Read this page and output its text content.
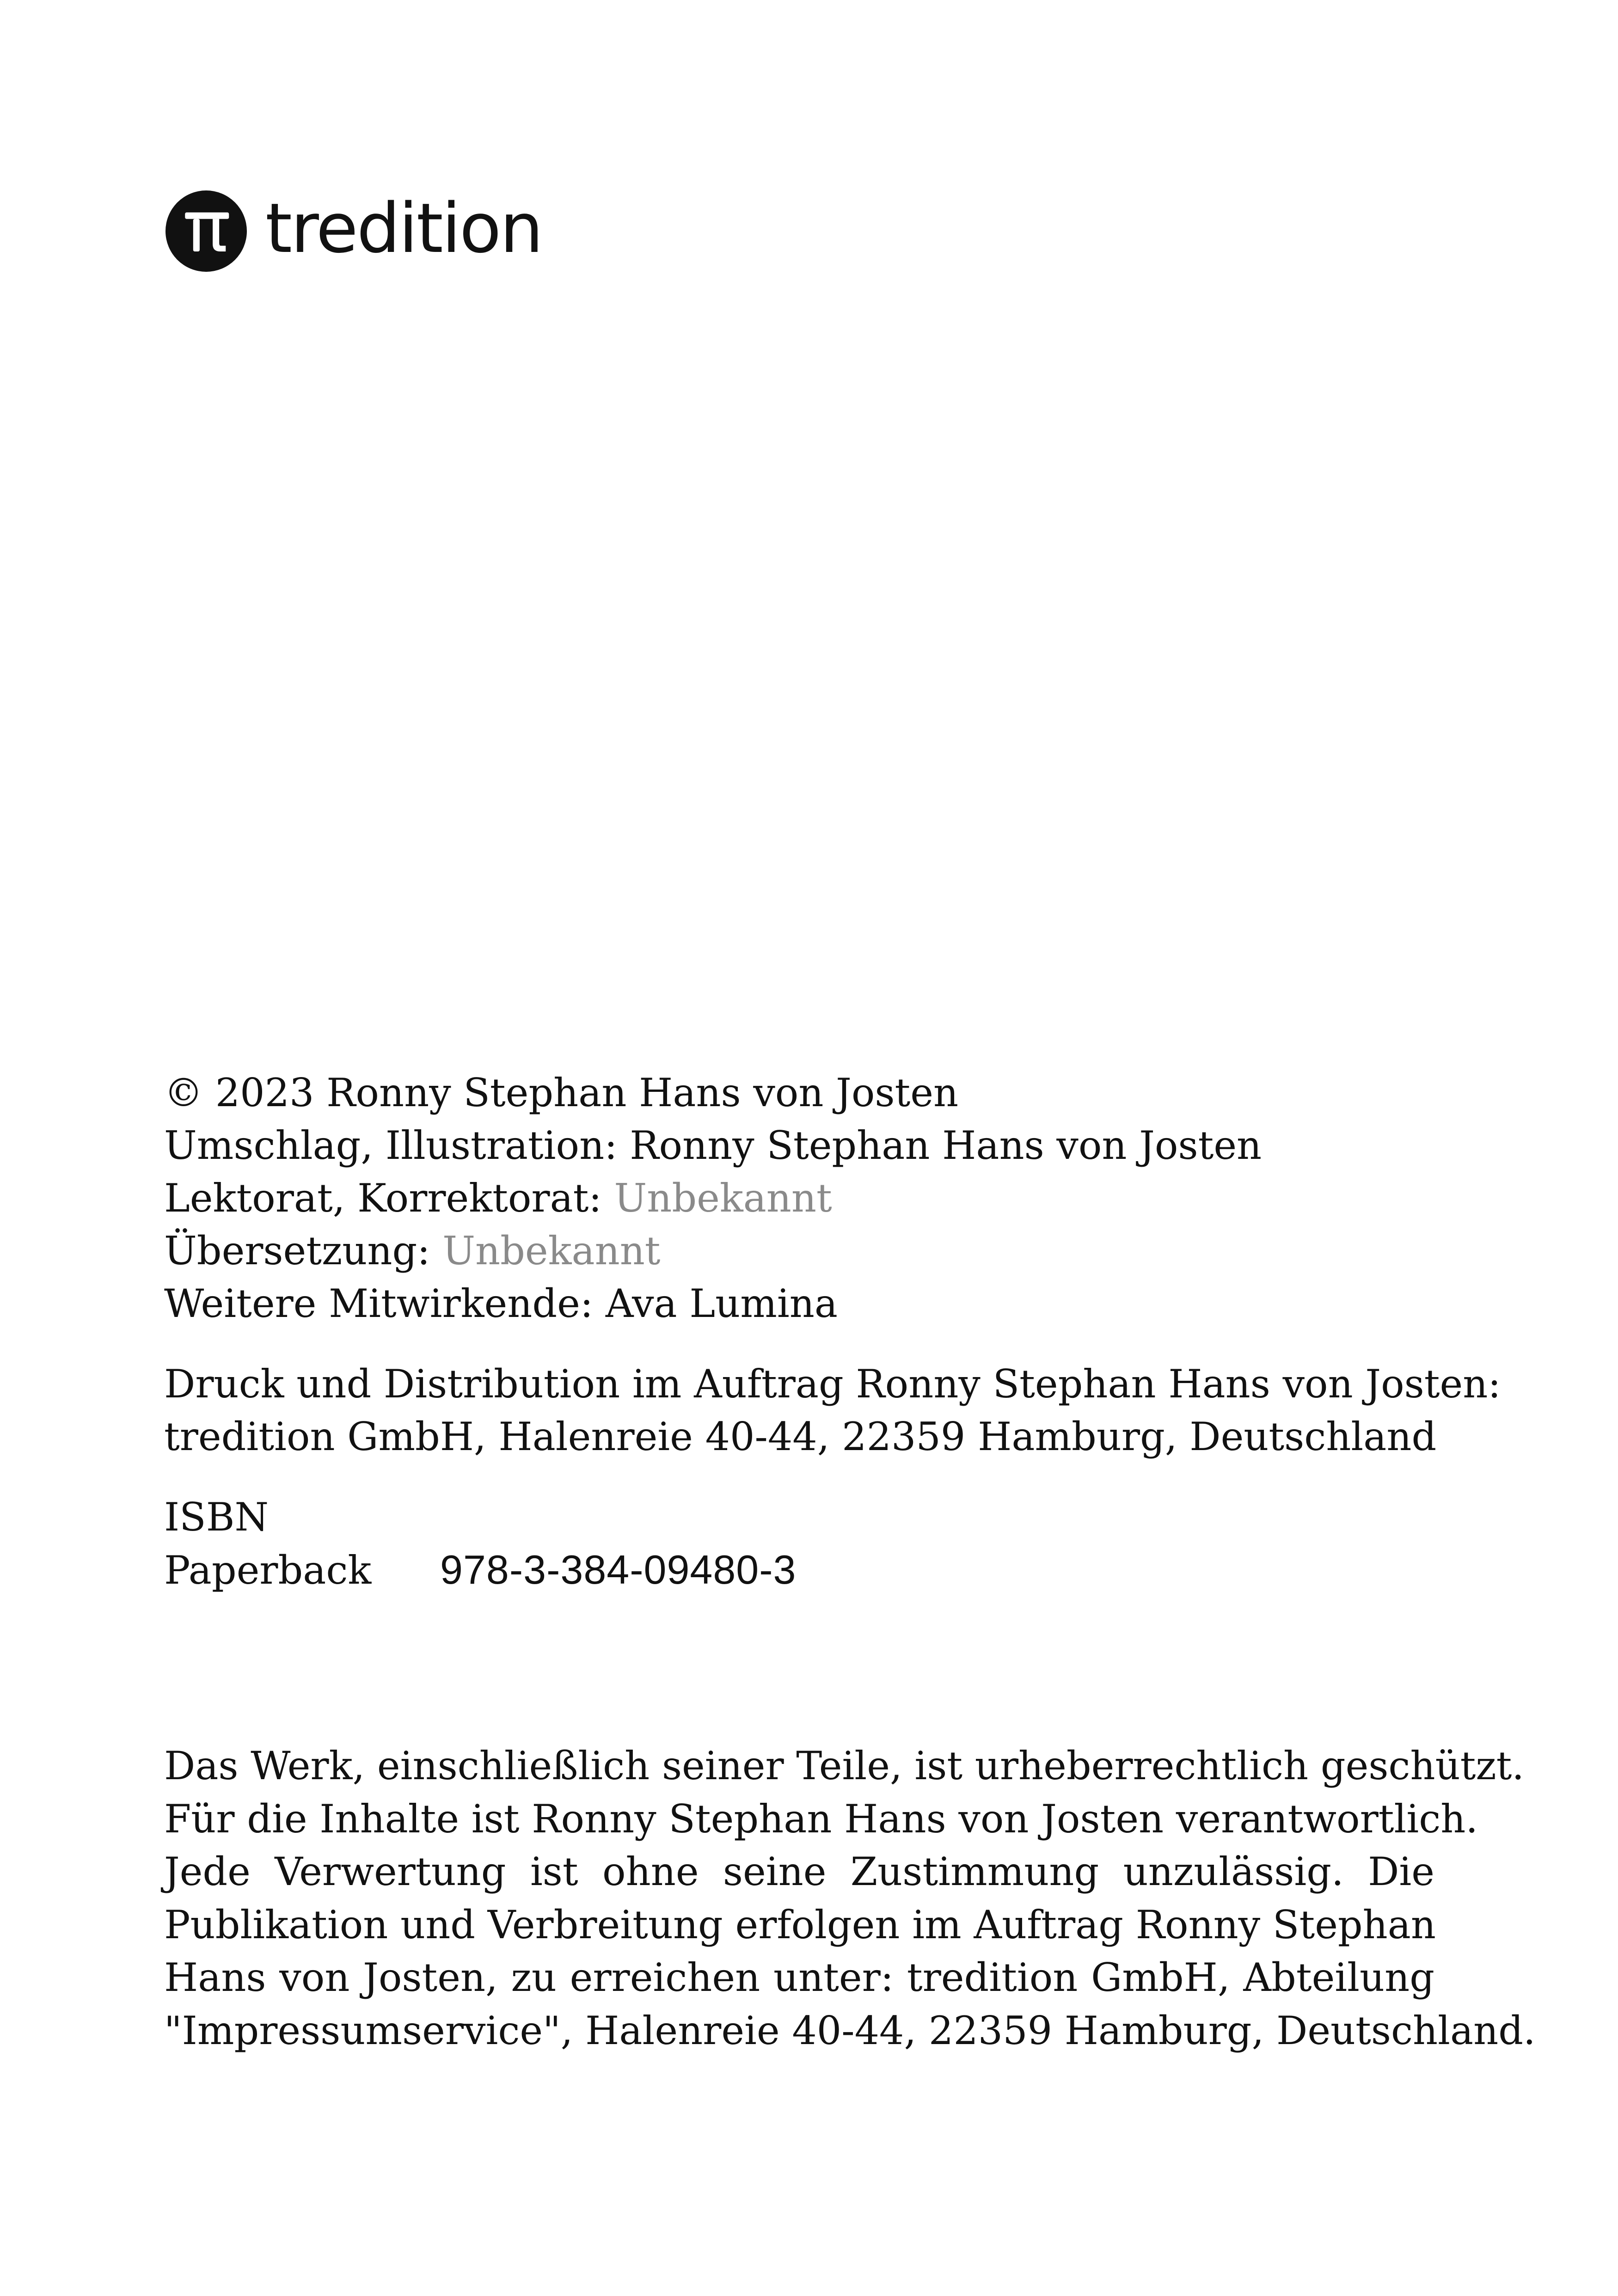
tredition
© 2023 Ronny Stephan Hans von Josten
Umschlag, Illustration: Ronny Stephan Hans von Josten
Lektorat, Korrektorat: Unbekannt
Übersetzung: Unbekannt
Weitere Mitwirkende: Ava Lumina
Druck und Distribution im Auftrag Ronny Stephan Hans von Josten:
tredition GmbH, Halenreie 40-44, 22359 Hamburg, Deutschland
ISBN
Paperback	978-3-384-09480-3
Das Werk, einschließlich seiner Teile, ist urheberrechtlich geschützt.
Für die Inhalte ist Ronny Stephan Hans von Josten verantwortlich.
Jede Verwertung ist ohne seine Zustimmung unzulässig. Die
Publikation und Verbreitung erfolgen im Auftrag Ronny Stephan
Hans von Josten, zu erreichen unter: tredition GmbH, Abteilung
"Impressumservice", Halenreie 40-44, 22359 Hamburg, Deutschland.
